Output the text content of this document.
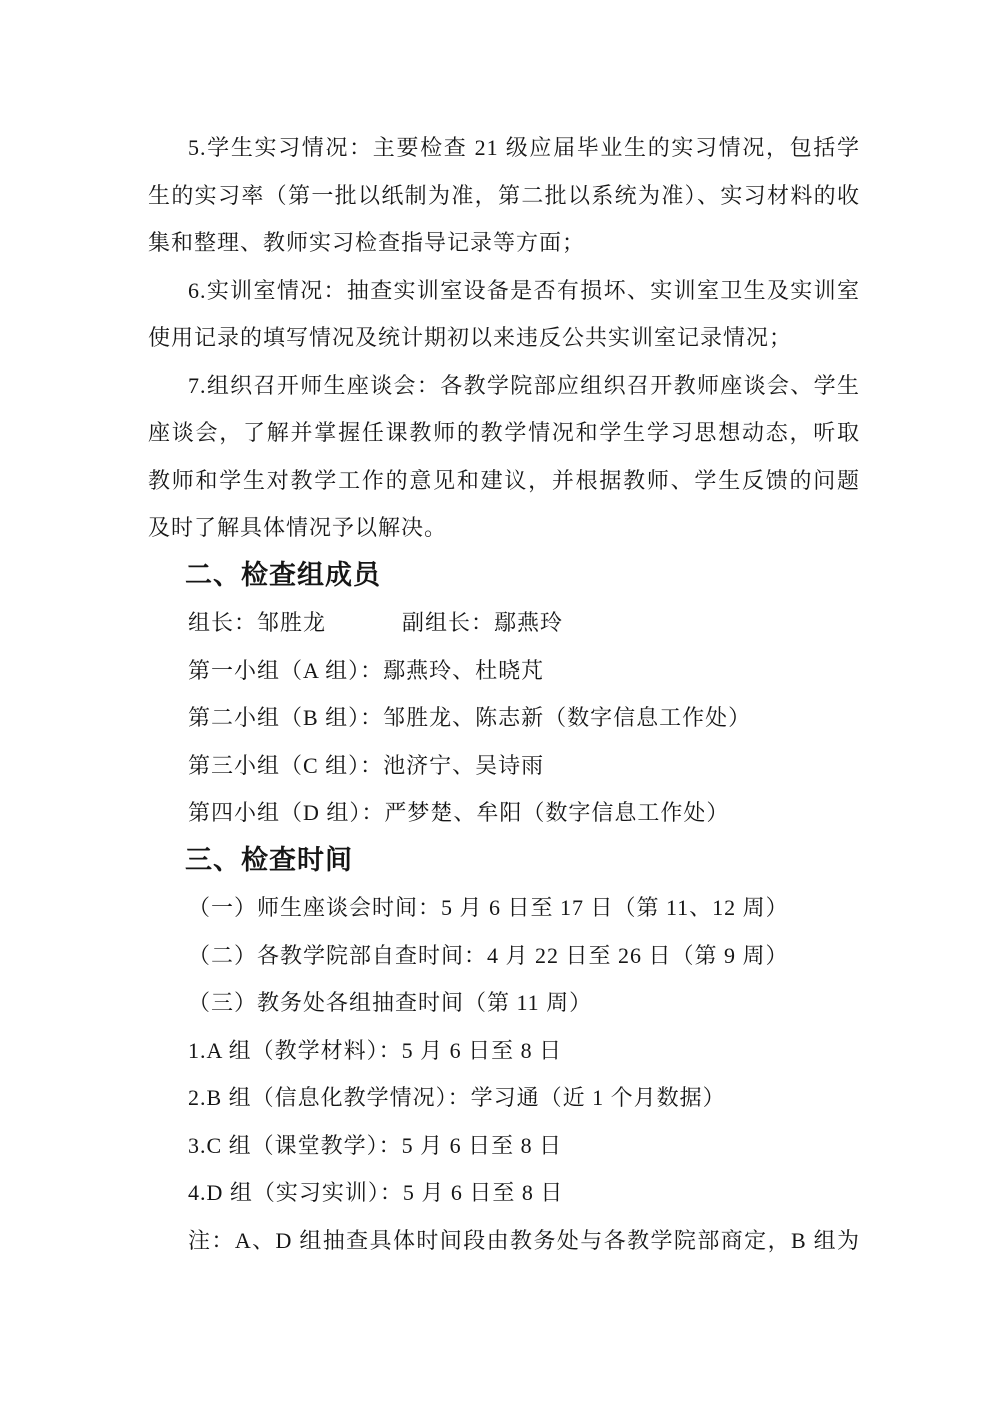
5.学生实习情况：主要检查 21 级应届毕业生的实习情况，包括学生的实习率（第一批以纸制为准，第二批以系统为准）、实习材料的收集和整理、教师实习检查指导记录等方面；

6.实训室情况：抽查实训室设备是否有损坏、实训室卫生及实训室使用记录的填写情况及统计期初以来违反公共实训室记录情况；

7.组织召开师生座谈会：各教学院部应组织召开教师座谈会、学生座谈会，了解并掌握任课教师的教学情况和学生学习思想动态，听取教师和学生对教学工作的意见和建议，并根据教师、学生反馈的问题及时了解具体情况予以解决。

二、检查组成员

组长：邹胜龙	副组长：鄢燕玲

第一小组（A 组）：鄢燕玲、杜晓芃

第二小组（B 组）：邹胜龙、陈志新（数字信息工作处）

第三小组（C 组）：池济宁、吴诗雨

第四小组（D 组）：严梦楚、牟阳（数字信息工作处）

三、检查时间

（一）师生座谈会时间：5 月 6 日至 17 日（第 11、12 周）

（二）各教学院部自查时间：4 月 22 日至 26 日（第 9 周）

（三）教务处各组抽查时间（第 11 周）

1.A 组（教学材料）：5 月 6 日至 8 日

2.B 组（信息化教学情况）：学习通（近 1 个月数据）

3.C 组（课堂教学）：5 月 6 日至 8 日

4.D 组（实习实训）：5 月 6 日至 8 日

注：A、D 组抽查具体时间段由教务处与各教学院部商定，B 组为
